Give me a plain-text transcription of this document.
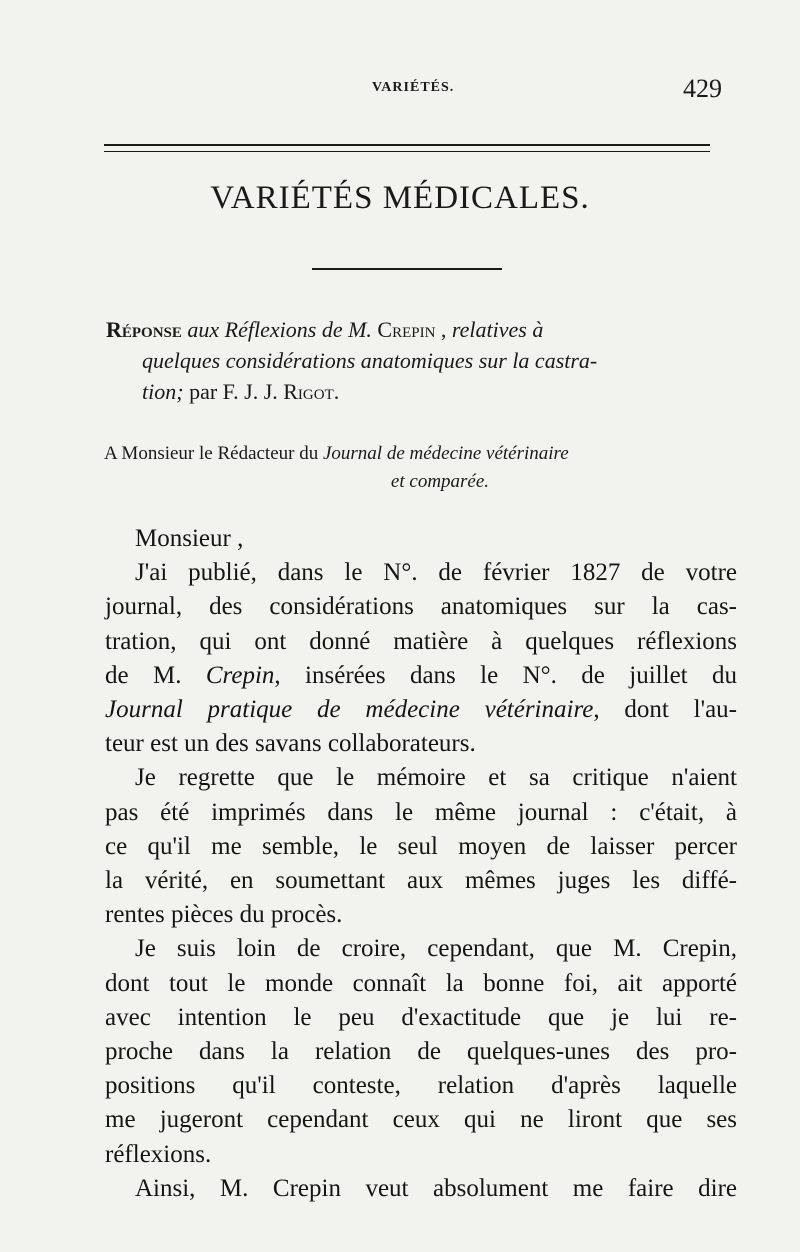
VARIÉTÉS.	429
VARIÉTÉS MÉDICALES.
Réponse aux Réflexions de M. Crepin , relatives à
quelques considérations anatomiques sur la castra-
tion; par F. J. J. Rigot.
A Monsieur le Rédacteur du Journal de médecine vétérinaire
et comparée.
Monsieur ,
J'ai publié, dans le N°. de février 1827 de votre
journal, des considérations anatomiques sur la cas-
tration, qui ont donné matière à quelques réflexions
de M. Crepin, insérées dans le N°. de juillet du
Journal pratique de médecine vétérinaire, dont l'au-
teur est un des savans collaborateurs.
Je regrette que le mémoire et sa critique n'aient
pas été imprimés dans le même journal : c'était, à
ce qu'il me semble, le seul moyen de laisser percer
la vérité, en soumettant aux mêmes juges les diffé-
rentes pièces du procès.
Je suis loin de croire, cependant, que M. Crepin,
dont tout le monde connaît la bonne foi, ait apporté
avec intention le peu d'exactitude que je lui re-
proche dans la relation de quelques-unes des pro-
positions qu'il conteste, relation d'après laquelle
me jugeront cependant ceux qui ne liront que ses
réflexions.
Ainsi, M. Crepin veut absolument me faire dire
